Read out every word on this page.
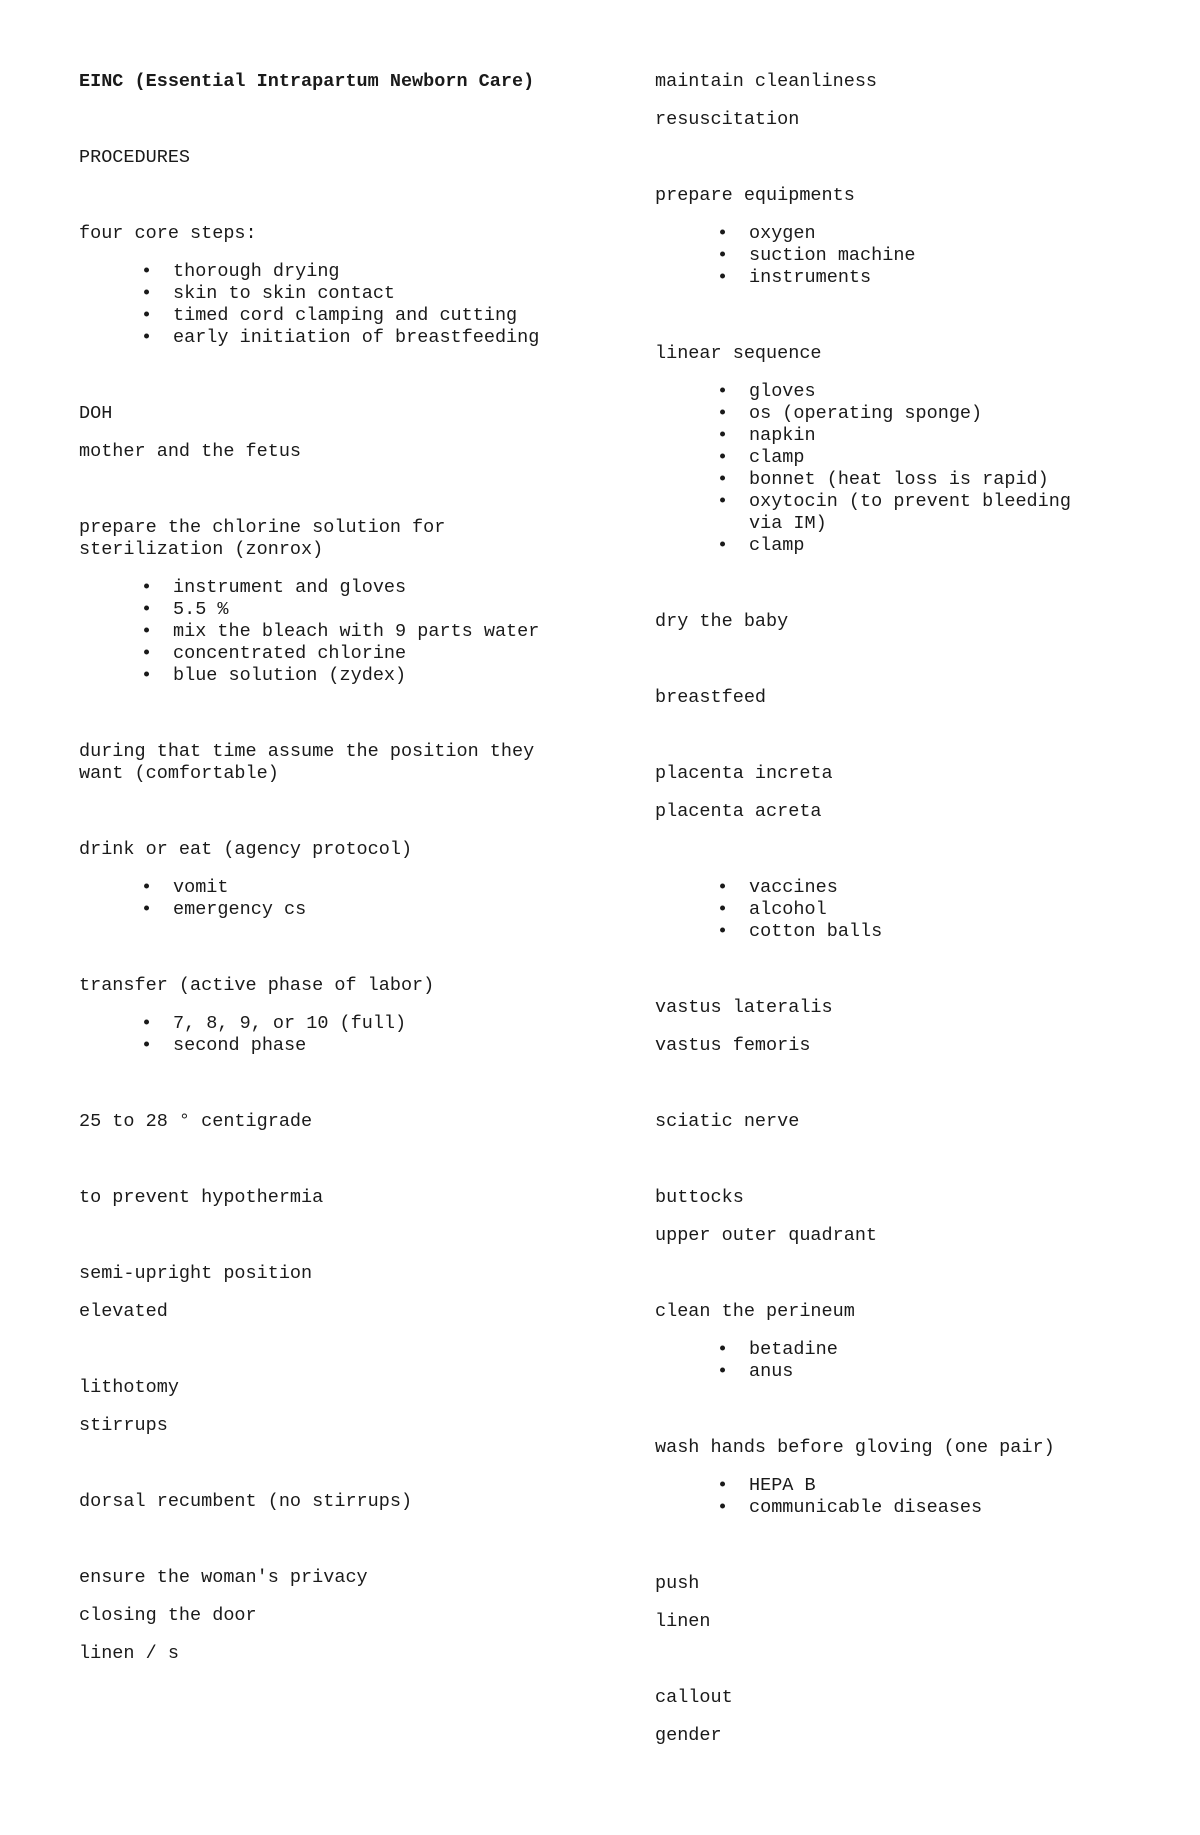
EINC (Essential Intrapartum Newborn Care)
PROCEDURES
four core steps:
• thorough drying
• skin to skin contact
• timed cord clamping and cutting
• early initiation of breastfeeding
DOH
mother and the fetus
prepare the chlorine solution for
sterilization (zonrox)
• instrument and gloves
• 5.5 %
• mix the bleach with 9 parts water
• concentrated chlorine
• blue solution (zydex)
during that time assume the position they
want (comfortable)
drink or eat (agency protocol)
• vomit
• emergency cs
transfer (active phase of labor)
• 7, 8, 9, or 10 (full)
• second phase
25 to 28 ° centigrade
to prevent hypothermia
semi-upright position
elevated
lithotomy
stirrups
dorsal recumbent (no stirrups)
ensure the woman's privacy
closing the door
linen / s
maintain cleanliness
resuscitation
prepare equipments
• oxygen
• suction machine
• instruments
linear sequence
• gloves
• os (operating sponge)
• napkin
• clamp
• bonnet (heat loss is rapid)
• oxytocin (to prevent bleeding via IM)
• clamp
dry the baby
breastfeed
placenta increta
placenta acreta
• vaccines
• alcohol
• cotton balls
vastus lateralis
vastus femoris
sciatic nerve
buttocks
upper outer quadrant
clean the perineum
• betadine
• anus
wash hands before gloving (one pair)
• HEPA B
• communicable diseases
push
linen
callout
gender
